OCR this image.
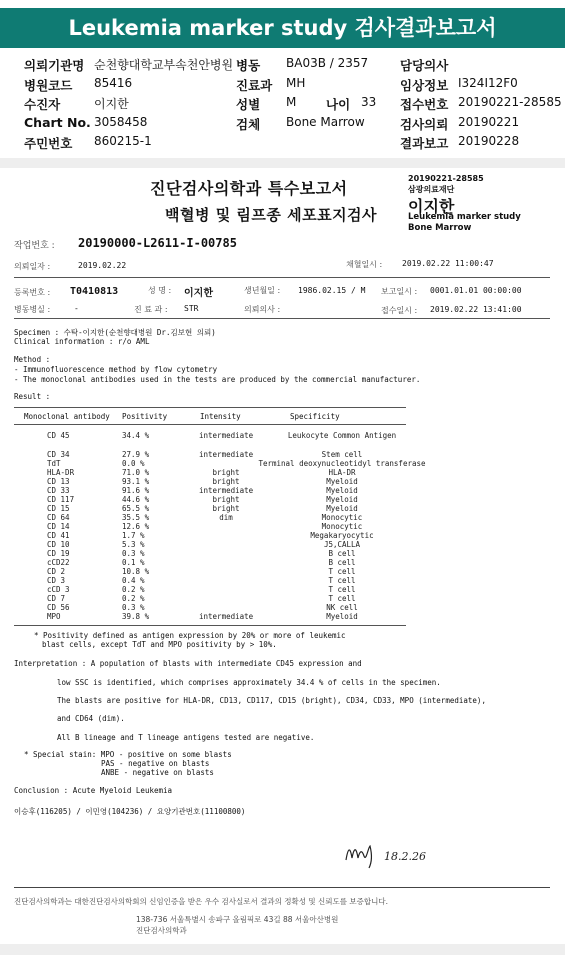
Leukemia marker study 검사결과보고서
의뢰기관명 순천향대학교부속천안병원
병원코드 85416
수진자	이지한
Chart No. 3058458
주민번호 860215-1
병동 BA03B / 2357
진료과 MH
성별 M 나이 33
검체 Bone Marrow
담당의사
임상정보 I324I12F0
접수번호 20190221-28585
검사의뢰 20190221
결과보고 20190228
진단검사의학과 특수보고서
백혈병 및 림프종 세포표지검사
20190221-28585
삼광의료재단
이지한
Leukemia marker study
Bone Marrow
작업번호 : 20190000-L2611-I-00785
의뢰일자 :	2019.02.22	채혈일시 : 2019.02.22 11:00:47
등록번호 : T0410813	성 명 : 이지한	생년월일 : 1986.02.15 / M 보고일시 : 0001.01.01 00:00:00
병동병실 :	-	진 료 과 : STR	의뢰의사 :	접수일시 : 2019.02.22 13:41:00
Specimen : 수탁-이지한(순천향대병원 Dr.김보현 의뢰)
Clinical information : r/o AML
Method :
- Immunofluorescence method by flow cytometry
- The monoclonal antibodies used in the tests are produced by the commercial manufacturer.
Result :
Monoclonal antibody Positivity	Intensity	Specificity
CD 45	34.4 %	intermediate	Leukocyte Common Antigen
CD 34	27.9 %	intermediate	Stem cell
TdT	0.0 %	Terminal deoxynucleotidyl transferase
HLA-DR	71.0 %	bright	HLA-DR
CD 13	93.1 %	bright	Myeloid
CD 33	91.6 %	intermediate	Myeloid
CD 117	44.6 %	bright	Myeloid
CD 15	65.5 %	bright	Myeloid
CD 64	35.5 %	dim	Monocytic
CD 14	12.6 %	Monocytic
CD 41	1.7 %	Megakaryocytic
CD 10	5.3 %	J5,CALLA
CD 19	0.3 %	B cell
cCD22	0.1 %	B cell
CD 2	10.8 %	T cell
CD 3	0.4 %	T cell
cCD 3	0.2 %	T cell
CD 7	0.2 %	T cell
CD 56	0.3 %	NK cell
MPO	39.8 %	intermediate	Myeloid
* Positivity defined as antigen expression by 20% or more of leukemic
blast cells, except TdT and MPO positivity by > 10%.
Interpretation : A population of blasts with intermediate CD45 expression and
low SSC is identified, which comprises approximately 34.4 % of cells in the specimen.
The blasts are positive for HLA-DR, CD13, CD117, CD15 (bright), CD34, CD33, MPO (intermediate),
and CD64 (dim).
All B lineage and T lineage antigens tested are negative.
* Special stain: MPO - positive on some blasts
PAS - negative on blasts
ANBE - negative on blasts
Conclusion : Acute Myeloid Leukemia
이승후(116205) / 이민영(104236) / 요양기관번호(11100800)
18.2.26
진단검사의학과는 대한진단검사의학회의 신임인증을 받은 우수 검사실로서 결과의 정확성 및 신뢰도를 보증합니다.
138-736 서울특별시 송파구 올림픽로 43길 88 서울아산병원
진단검사의학과
